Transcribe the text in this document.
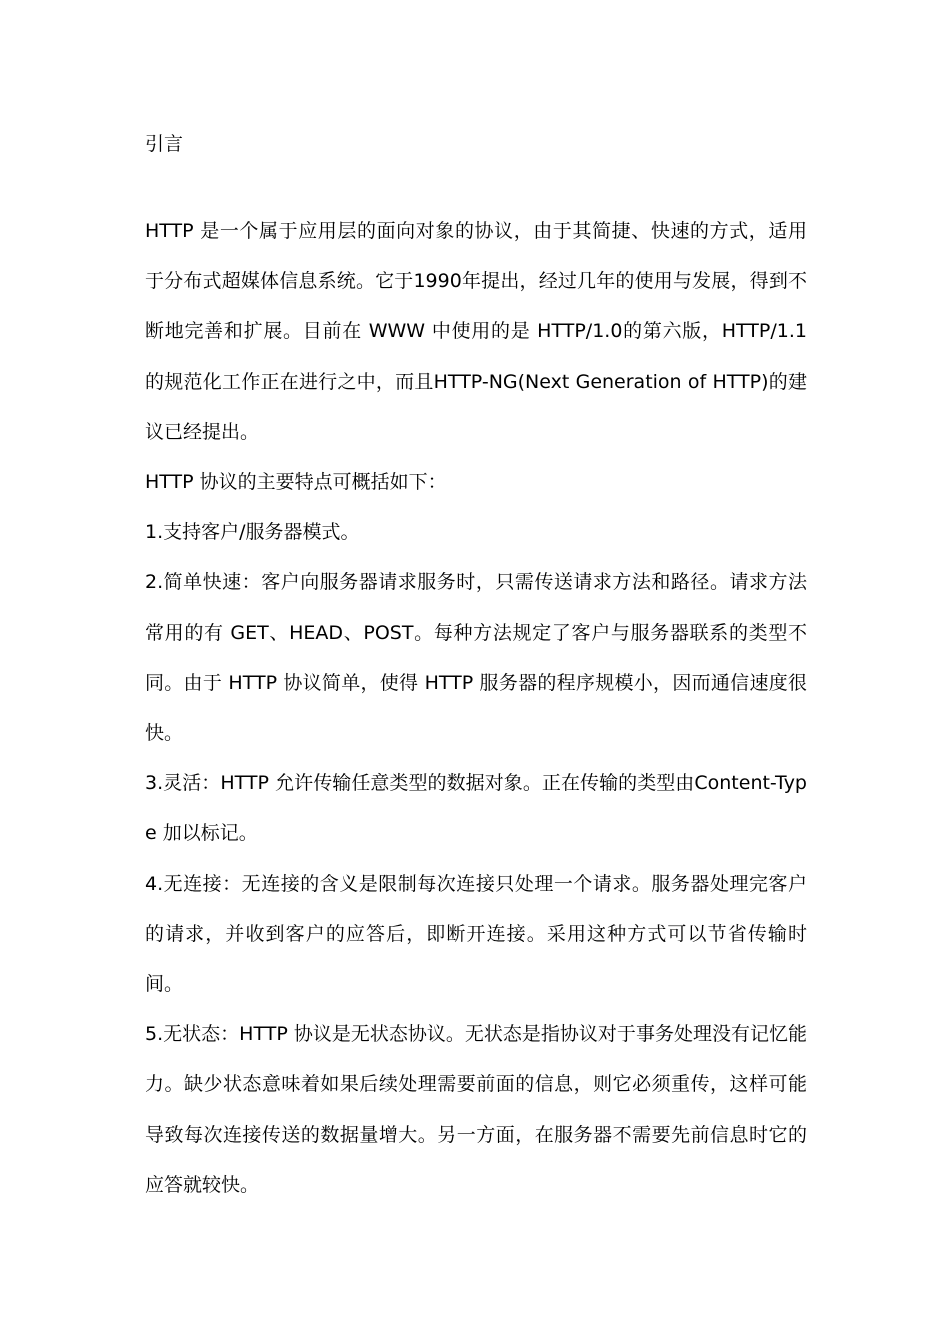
引言

HTTP 是一个属于应用层的面向对象的协议，由于其简捷、快速的方式，适用于分布式超媒体信息系统。它于1990年提出，经过几年的使用与发展，得到不断地完善和扩展。目前在 WWW 中使用的是 HTTP/1.0的第六版，HTTP/1.1的规范化工作正在进行之中，而且HTTP-NG(Next Generation of HTTP)的建议已经提出。

HTTP 协议的主要特点可概括如下：

1.支持客户/服务器模式。

2.简单快速：客户向服务器请求服务时，只需传送请求方法和路径。请求方法常用的有 GET、HEAD、POST。每种方法规定了客户与服务器联系的类型不同。由于 HTTP 协议简单，使得 HTTP 服务器的程序规模小，因而通信速度很快。

3.灵活：HTTP 允许传输任意类型的数据对象。正在传输的类型由Content-Type 加以标记。

4.无连接：无连接的含义是限制每次连接只处理一个请求。服务器处理完客户的请求，并收到客户的应答后，即断开连接。采用这种方式可以节省传输时间。

5.无状态：HTTP 协议是无状态协议。无状态是指协议对于事务处理没有记忆能力。缺少状态意味着如果后续处理需要前面的信息，则它必须重传，这样可能导致每次连接传送的数据量增大。另一方面，在服务器不需要先前信息时它的应答就较快。
